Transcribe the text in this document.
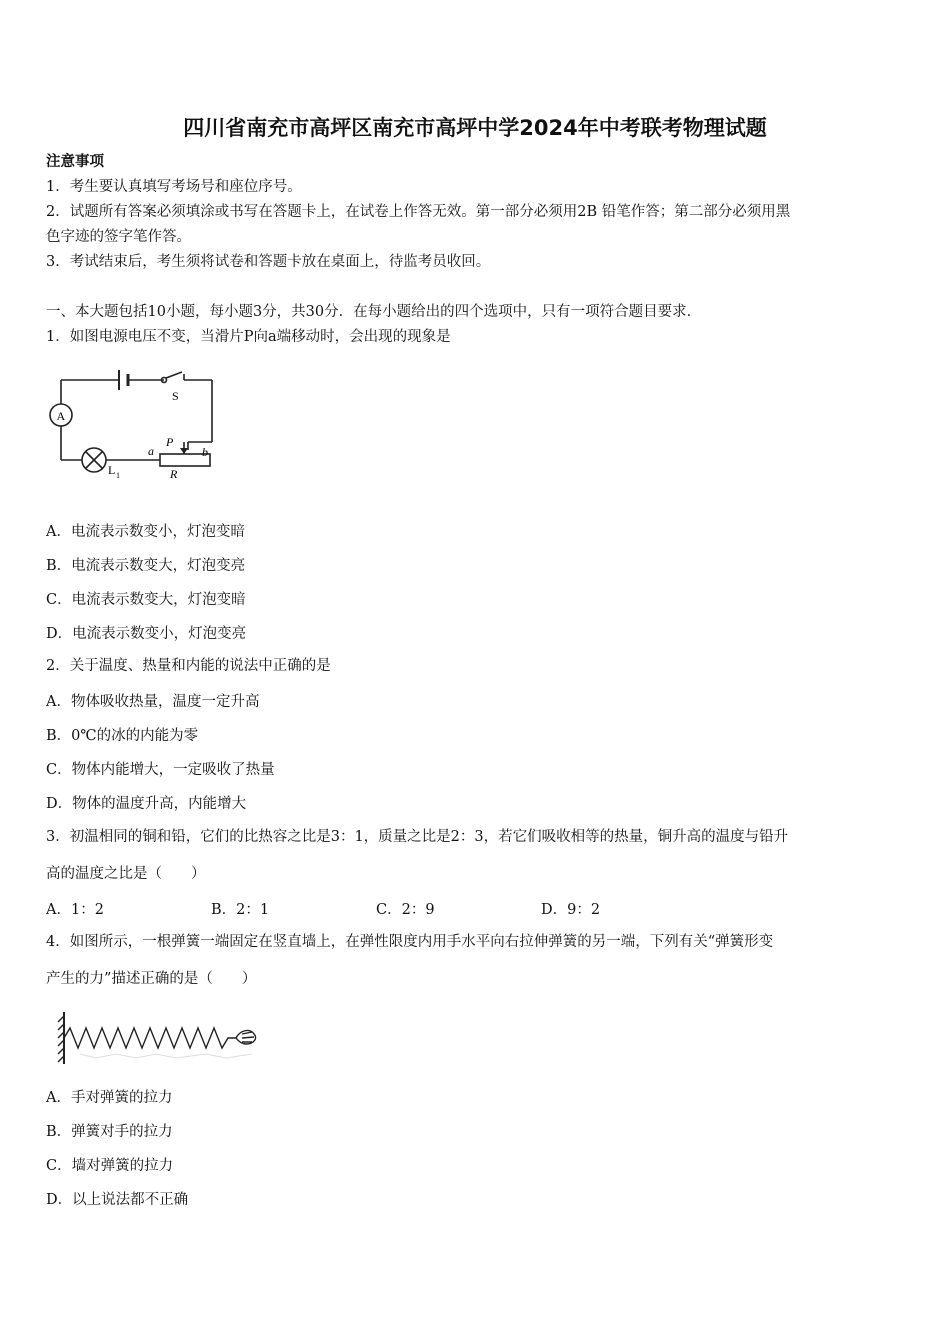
四川省南充市高坪区南充市高坪中学2024年中考联考物理试题
注意事项
1．考生要认真填写考场号和座位序号。
2．试题所有答案必须填涂或书写在答题卡上，在试卷上作答无效。第一部分必须用2B 铅笔作答；第二部分必须用黑
色字迹的签字笔作答。
3．考试结束后，考生须将试卷和答题卡放在桌面上，待监考员收回。
一、本大题包括10小题，每小题3分，共30分．在每小题给出的四个选项中，只有一项符合题目要求．
1．如图电源电压不变，当滑片P向a端移动时，会出现的现象是
S
A
L 1
a	b
P
R
A．电流表示数变小，灯泡变暗
B．电流表示数变大，灯泡变亮
C．电流表示数变大，灯泡变暗
D．电流表示数变小，灯泡变亮
2．关于温度、热量和内能的说法中正确的是
A．物体吸收热量，温度一定升高
B．0℃的冰的内能为零
C．物体内能增大，一定吸收了热量
D．物体的温度升高，内能增大
3．初温相同的铜和铅，它们的比热容之比是3：1，质量之比是2：3，若它们吸收相等的热量，铜升高的温度与铅升
高的温度之比是（　　）
A．1：2	B．2：1	C．2：9	D．9：2
4．如图所示，一根弹簧一端固定在竖直墙上，在弹性限度内用手水平向右拉伸弹簧的另一端，下列有关“弹簧形变
产生的力”描述正确的是（　　）
A．手对弹簧的拉力
B．弹簧对手的拉力
C．墙对弹簧的拉力
D．以上说法都不正确
